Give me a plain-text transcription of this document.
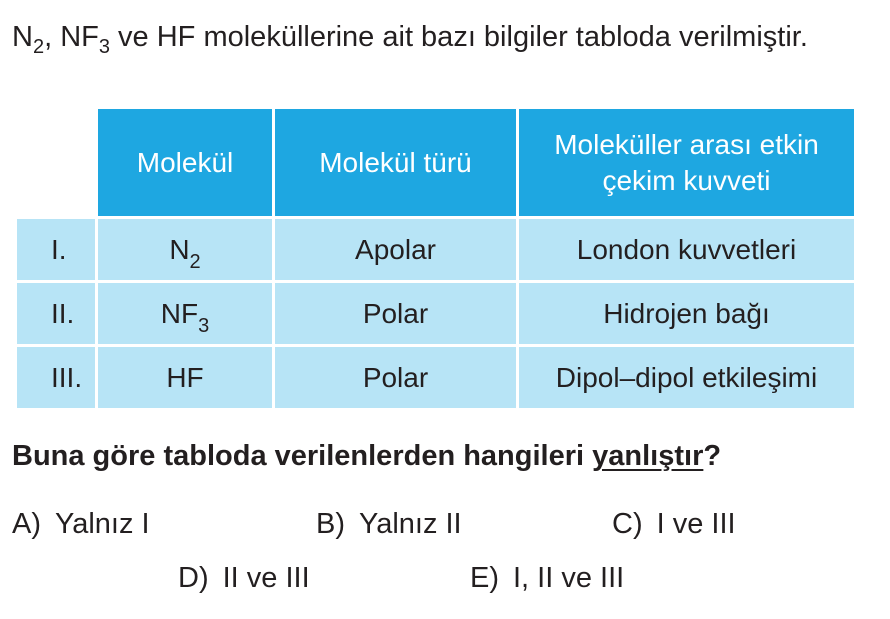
$N_2$, $NF_3$ ve HF moleküllerine ait bazı bilgiler tabloda verilmiştir.
	Molekül	Molekül türü	Moleküller arası etkin çekim kuvveti
I.	$N_2$	Apolar	London kuvvetleri
II.	$NF_3$	Polar	Hidrojen bağı
III.	HF	Polar	Dipol–dipol etkileşimi
Buna göre tabloda verilenlerden hangileri yanlıştır?
A) Yalnız I	B) Yalnız II	C) I ve III
D) II ve III	E) I, II ve III
